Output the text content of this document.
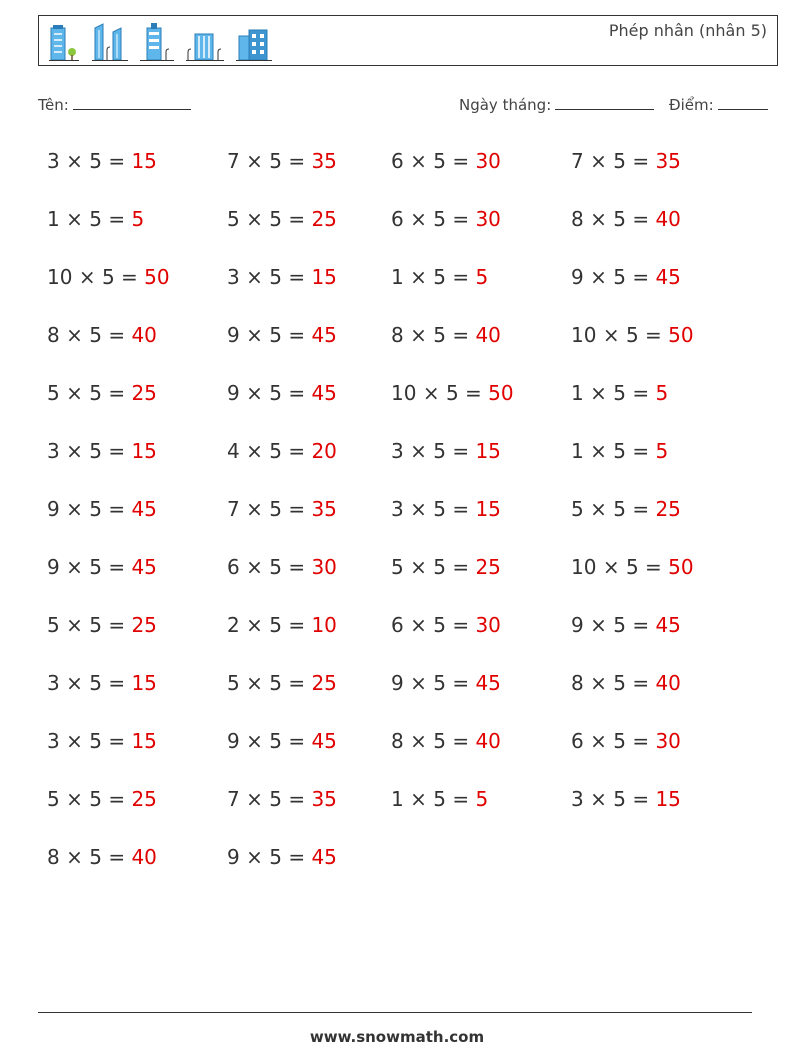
Phép nhân (nhân 5)
Tên:	Ngày tháng:	Điểm:
3 × 5 = 15	7 × 5 = 35	6 × 5 = 30	7 × 5 = 35
1 × 5 = 5	5 × 5 = 25	6 × 5 = 30	8 × 5 = 40
10 × 5 = 50	3 × 5 = 15	1 × 5 = 5	9 × 5 = 45
8 × 5 = 40	9 × 5 = 45	8 × 5 = 40	10 × 5 = 50
5 × 5 = 25	9 × 5 = 45	10 × 5 = 50	1 × 5 = 5
3 × 5 = 15	4 × 5 = 20	3 × 5 = 15	1 × 5 = 5
9 × 5 = 45	7 × 5 = 35	3 × 5 = 15	5 × 5 = 25
9 × 5 = 45	6 × 5 = 30	5 × 5 = 25	10 × 5 = 50
5 × 5 = 25	2 × 5 = 10	6 × 5 = 30	9 × 5 = 45
3 × 5 = 15	5 × 5 = 25	9 × 5 = 45	8 × 5 = 40
3 × 5 = 15	9 × 5 = 45	8 × 5 = 40	6 × 5 = 30
5 × 5 = 25	7 × 5 = 35	1 × 5 = 5	3 × 5 = 15
8 × 5 = 40	9 × 5 = 45
www.snowmath.com
